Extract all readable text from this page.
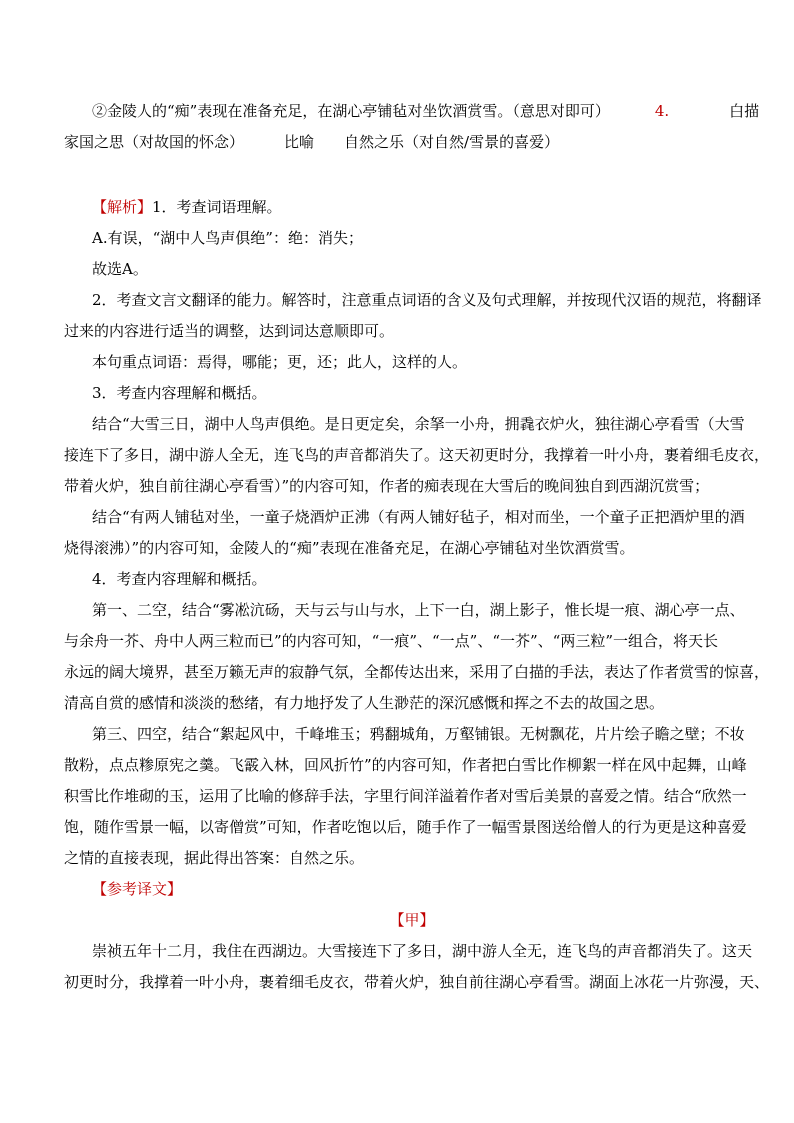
②金陵人的“痴”表现在准备充足，在湖心亭铺毡对坐饮酒赏雪。（意思对即可）	4.	白描
家国之思（对故国的怀念）	比喻 自然之乐（对自然/雪景的喜爱）
【解析】1．考查词语理解。
A.有误，“湖中人鸟声俱绝”：绝：消失；
故选A。
2．考查文言文翻译的能力。解答时，注意重点词语的含义及句式理解，并按现代汉语的规范，将翻译
过来的内容进行适当的调整，达到词达意顺即可。
本句重点词语：焉得，哪能；更，还；此人，这样的人。
3．考查内容理解和概括。
结合“大雪三日，湖中人鸟声俱绝。是日更定矣，余拏一小舟，拥毳衣炉火，独往湖心亭看雪（大雪
接连下了多日，湖中游人全无，连飞鸟的声音都消失了。这天初更时分，我撑着一叶小舟，裹着细毛皮衣，
带着火炉，独自前往湖心亭看雪）”的内容可知，作者的痴表现在大雪后的晚间独自到西湖沉赏雪；
结合“有两人铺毡对坐，一童子烧酒炉正沸（有两人铺好毡子，相对而坐，一个童子正把酒炉里的酒
烧得滚沸）”的内容可知，金陵人的“痴”表现在准备充足，在湖心亭铺毡对坐饮酒赏雪。
4．考查内容理解和概括。
第一、二空，结合“雾凇沆砀，天与云与山与水，上下一白，湖上影子，惟长堤一痕、湖心亭一点、
与余舟一芥、舟中人两三粒而已”的内容可知，“一痕”、“一点”、“一芥”、“两三粒”一组合，将天长
永远的阔大境界，甚至万籁无声的寂静气氛，全都传达出来，采用了白描的手法，表达了作者赏雪的惊喜，
清高自赏的感情和淡淡的愁绪，有力地抒发了人生渺茫的深沉感慨和挥之不去的故国之思。
第三、四空，结合“絮起风中，千峰堆玉；鸦翻城角，万壑铺银。无树飘花，片片绘子瞻之壁；不妆
散粉，点点糁原宪之羹。飞霰入林，回风折竹”的内容可知，作者把白雪比作柳絮一样在风中起舞，山峰
积雪比作堆砌的玉，运用了比喻的修辞手法，字里行间洋溢着作者对雪后美景的喜爱之情。结合“欣然一
饱，随作雪景一幅，以寄僧赏”可知，作者吃饱以后，随手作了一幅雪景图送给僧人的行为更是这种喜爱
之情的直接表现，据此得出答案：自然之乐。
【参考译文】
【甲】
崇祯五年十二月，我住在西湖边。大雪接连下了多日，湖中游人全无，连飞鸟的声音都消失了。这天
初更时分，我撑着一叶小舟，裹着细毛皮衣，带着火炉，独自前往湖心亭看雪。湖面上冰花一片弥漫，天、
